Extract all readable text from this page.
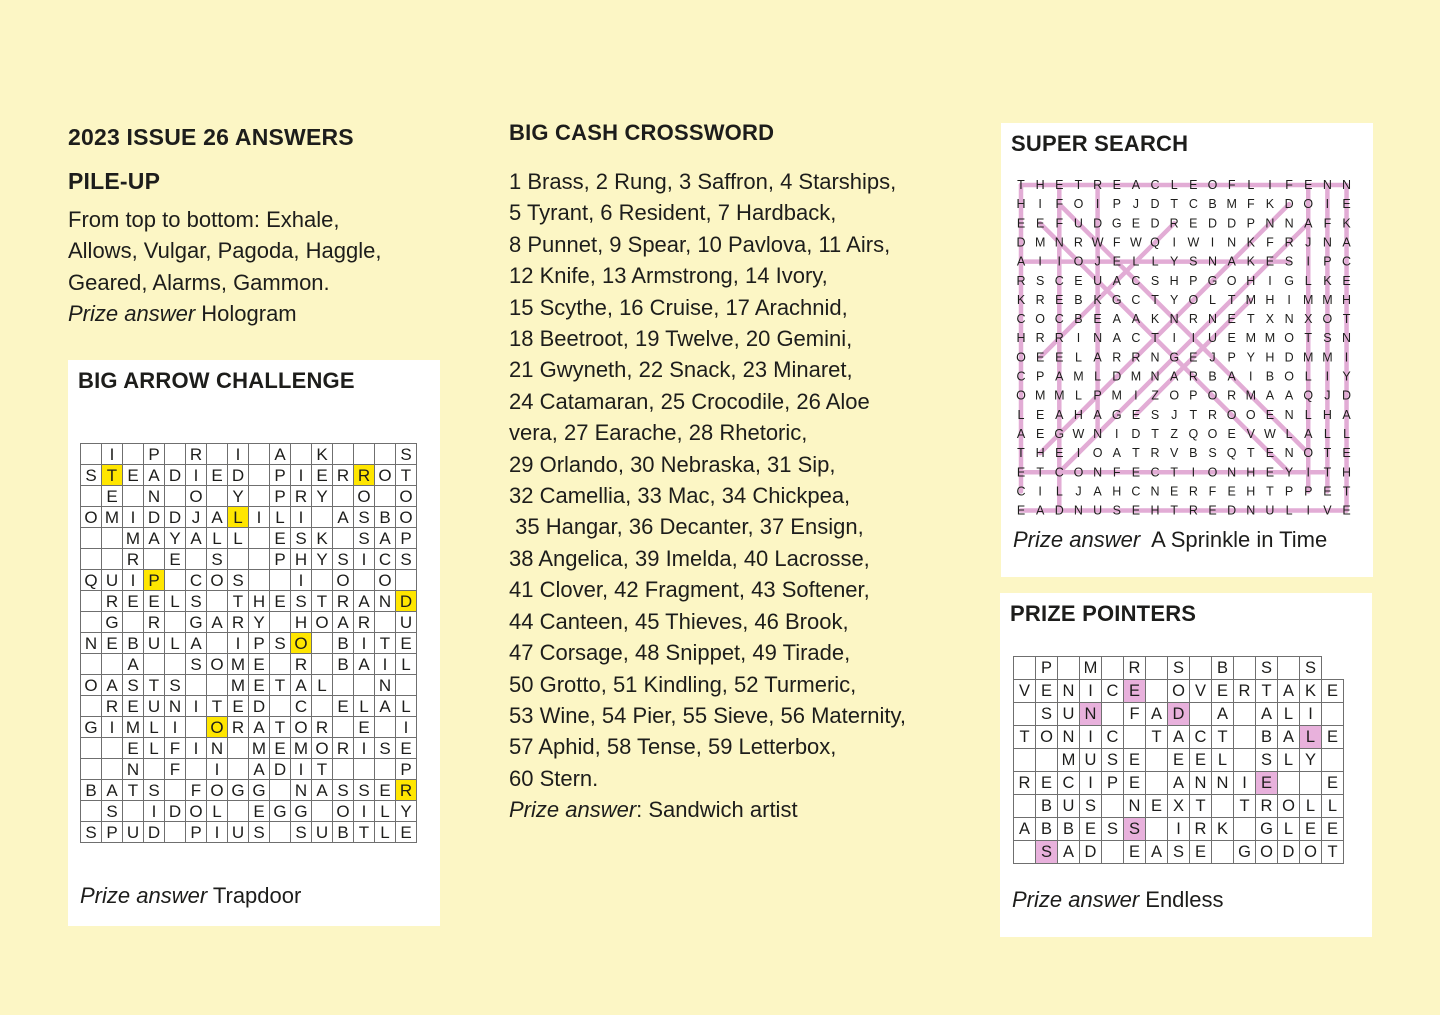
2023 ISSUE 26 ANSWERS
PILE-UP
From top to bottom: Exhale,
Allows, Vulgar, Pagoda, Haggle,
Geared, Alarms, Gammon.
Prize answer Hologram
BIG ARROW CHALLENGE
	I		P		R		I		A		K				S
S	T	E	A	D	I	E	D		P	I	E	R	R	O	T
	E		N		O		Y		P	R	Y		O		O
O	M	I	D	D	J	A	L	I	L	I		A	S	B	O
		M	A	Y	A	L	L		E	S	K		S	A	P
		R		E		S			P	H	Y	S	I	C	S
Q	U	I	P		C	O	S			I		O		O	
	R	E	E	L	S		T	H	E	S	T	R	A	N	D
	G		R		G	A	R	Y		H	O	A	R		U
N	E	B	U	L	A		I	P	S	O		B	I	T	E
		A			S	O	M	E		R		B	A	I	L
O	A	S	T	S			M	E	T	A	L			N	
	R	E	U	N	I	T	E	D		C		E	L	A	L
G	I	M	L	I		O	R	A	T	O	R		E		I
		E	L	F	I	N		M	E	M	O	R	I	S	E
		N		F		I		A	D	I	T				P
B	A	T	S		F	O	G	G		N	A	S	S	E	R
	S		I	D	O	L		E	G	G		O	I	L	Y
S	P	U	D		P	I	U	S		S	U	B	T	L	E
Prize answer Trapdoor
BIG CASH CROSSWORD
1 Brass, 2 Rung, 3 Saffron, 4 Starships,
5 Tyrant, 6 Resident, 7 Hardback,
8 Punnet, 9 Spear, 10 Pavlova, 11 Airs,
12 Knife, 13 Armstrong, 14 Ivory,
15 Scythe, 16 Cruise, 17 Arachnid,
18 Beetroot, 19 Twelve, 20 Gemini,
21 Gwyneth, 22 Snack, 23 Minaret,
24 Catamaran, 25 Crocodile, 26 Aloe
vera, 27 Earache, 28 Rhetoric,
29 Orlando, 30 Nebraska, 31 Sip,
32 Camellia, 33 Mac, 34 Chickpea,
35 Hangar, 36 Decanter, 37 Ensign,
38 Angelica, 39 Imelda, 40 Lacrosse,
41 Clover, 42 Fragment, 43 Softener,
44 Canteen, 45 Thieves, 46 Brook,
47 Corsage, 48 Snippet, 49 Tirade,
50 Grotto, 51 Kindling, 52 Turmeric,
53 Wine, 54 Pier, 55 Sieve, 56 Maternity,
57 Aphid, 58 Tense, 59 Letterbox,
60 Stern.
Prize answer: Sandwich artist
SUPER SEARCH
T H E T R E A C L E O F L I F E N N
H I F O I P J D T C B M F K D O I E
E E F U D G E D R E D D P N N A F K
D M N R W F W Q I W I N K F R J N A
A I I O J E L L Y S N A K E S I P C
R S C E U A C S H P G O H I G L K E
K R E B K G C T Y O L T M H I M M H
C O C B E A A K N R N E T X N X O T
H R R I N A C T I I U E M M O T S N
O E E L A R R N G E J P Y H D M M I
C P A M L D M N A R B A I B O L I Y
O M M L P M I Z O P O R M A A Q J D
L E A H A G E S J T R O O E N L H A
A E G W N I D T Z Q O E V W L A L L
T H E I O A T R V B S Q T E N O T E
E T C O N F E C T I O N H E Y I T H
C I L J A H C N E R F E H T P P E T
E A D N U S E H T R E D N U L I V E
Prize answer  A Sprinkle in Time
PRIZE POINTERS
	P		M		R		S		B		S		S	
V	E	N	I	C	E		O	V	E	R	T	A	K	E
	S	U	N		F	A	D		A		A	L	I	
T	O	N	I	C		T	A	C	T		B	A	L	E
		M	U	S	E		E	E	L		S	L	Y	
R	E	C	I	P	E		A	N	N	I	E			E
	B	U	S		N	E	X	T		T	R	O	L	L
A	B	B	E	S	S		I	R	K		G	L	E	E
	S	A	D		E	A	S	E		G	O	D	O	T
Prize answer Endless
